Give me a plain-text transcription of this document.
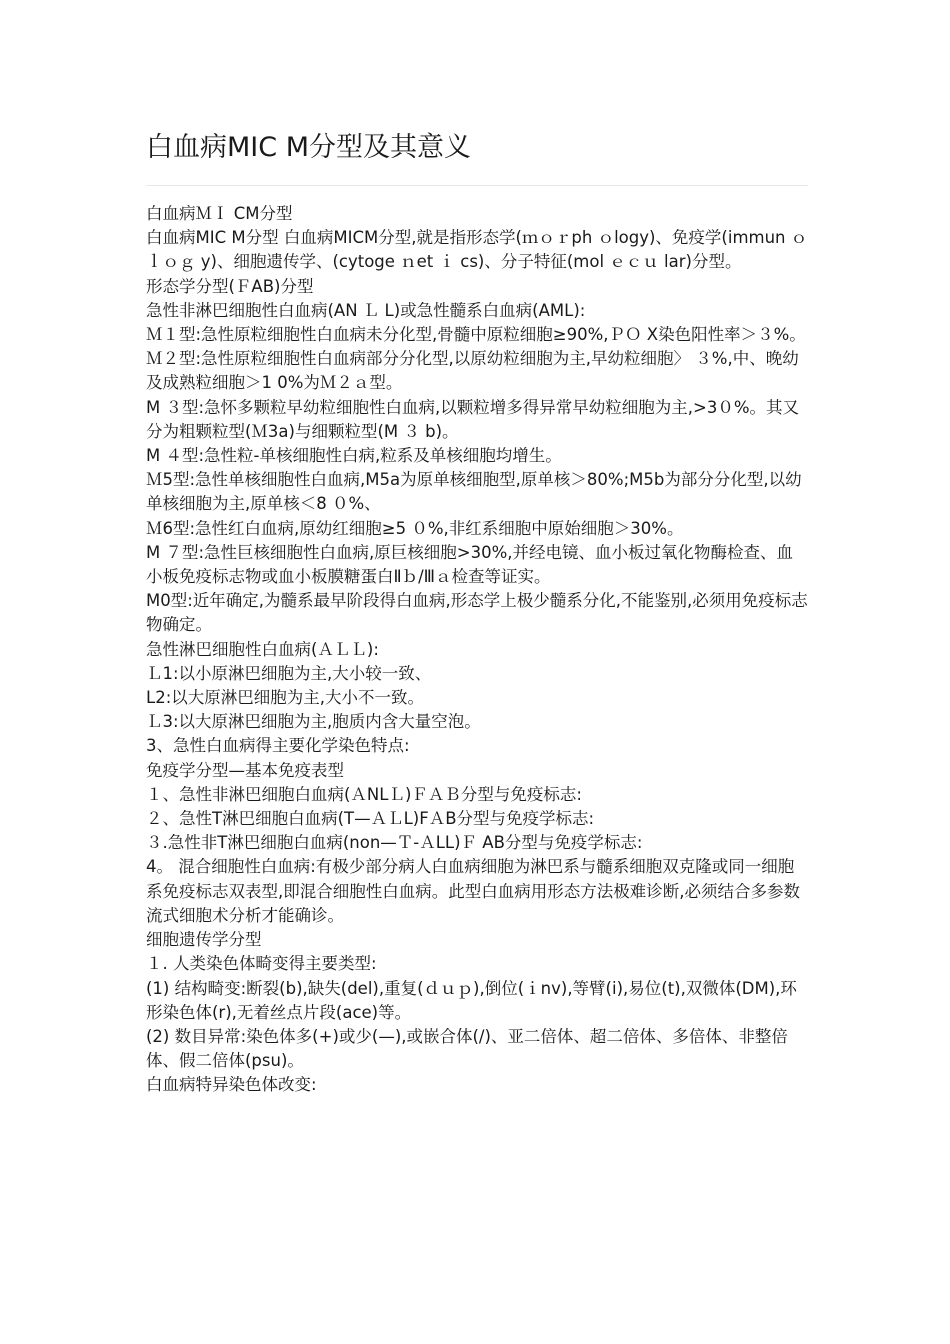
白血病MIC M分型及其意义

白血病ＭＩ CM分型

白血病MIC M分型 白血病MICM分型,就是指形态学(ｍｏｒph ｏlogy)、免疫学(immun ｏｌｏｇ y)、细胞遗传学、(cytoge ｎet ｉ cs)、分子特征(mol ｅｃｕ lar)分型。

形态学分型(ＦAB)分型

急性非淋巴细胞性白血病(AN Ｌ L)或急性髓系白血病(AML):

Ｍ１型:急性原粒细胞性白血病未分化型,骨髓中原粒细胞≥90%,ＰＯ X染色阳性率＞３%。 Ｍ２型:急性原粒细胞性白血病部分分化型,以原幼粒细胞为主,早幼粒细胞〉 ３%,中、晚幼及成熟粒细胞＞1 0%为Ｍ２ａ型。

M ３型:急怀多颗粒早幼粒细胞性白血病,以颗粒增多得异常早幼粒细胞为主,>3０%。其又分为粗颗粒型(Ｍ3a)与细颗粒型(M ３ b)。

M ４型:急性粒-单核细胞性白病,粒系及单核细胞均增生。

Ｍ5型:急性单核细胞性白血病,M5a为原单核细胞型,原单核＞80%;M5b为部分分化型,以幼单核细胞为主,原单核＜8 ０%、

Ｍ6型:急性红白血病,原幼红细胞≥5 ０%,非红系细胞中原始细胞＞30%。

M ７型:急性巨核细胞性白血病,原巨核细胞>30%,并经电镜、血小板过氧化物酶检查、血小板免疫标志物或血小板膜糖蛋白Ⅱｂ/Ⅲａ检查等证实。

M0型:近年确定,为髓系最早阶段得白血病,形态学上极少髓系分化,不能鉴别,必须用免疫标志物确定。

急性淋巴细胞性白血病(ＡＬＬ):

Ｌ1:以小原淋巴细胞为主,大小较一致、

L2:以大原淋巴细胞为主,大小不一致。

Ｌ3:以大原淋巴细胞为主,胞质内含大量空泡。

3、急性白血病得主要化学染色特点:

免疫学分型—基本免疫表型

１、急性非淋巴细胞白血病(ＡNLＬ)ＦＡＢ分型与免疫标志:

２、急性T淋巴细胞白血病(T—ＡＬL)FＡB分型与免疫学标志:

３.急性非T淋巴细胞白血病(non—Ｔ-ＡLL)Ｆ AB分型与免疫学标志:

4。 混合细胞性白血病:有极少部分病人白血病细胞为淋巴系与髓系细胞双克隆或同一细胞系免疫标志双表型,即混合细胞性白血病。此型白血病用形态方法极难诊断,必须结合多参数流式细胞术分析才能确诊。

细胞遗传学分型

１. 人类染色体畸变得主要类型:

(1) 结构畸变:断裂(b),缺失(del),重复(ｄｕｐ),倒位(ｉnv),等臂(i),易位(t),双微体(DM),环形染色体(r),无着丝点片段(ace)等。

(2) 数目异常:染色体多(+)或少(—),或嵌合体(/)、亚二倍体、超二倍体、多倍体、非整倍体、假二倍体(psu)。

白血病特异染色体改变:
